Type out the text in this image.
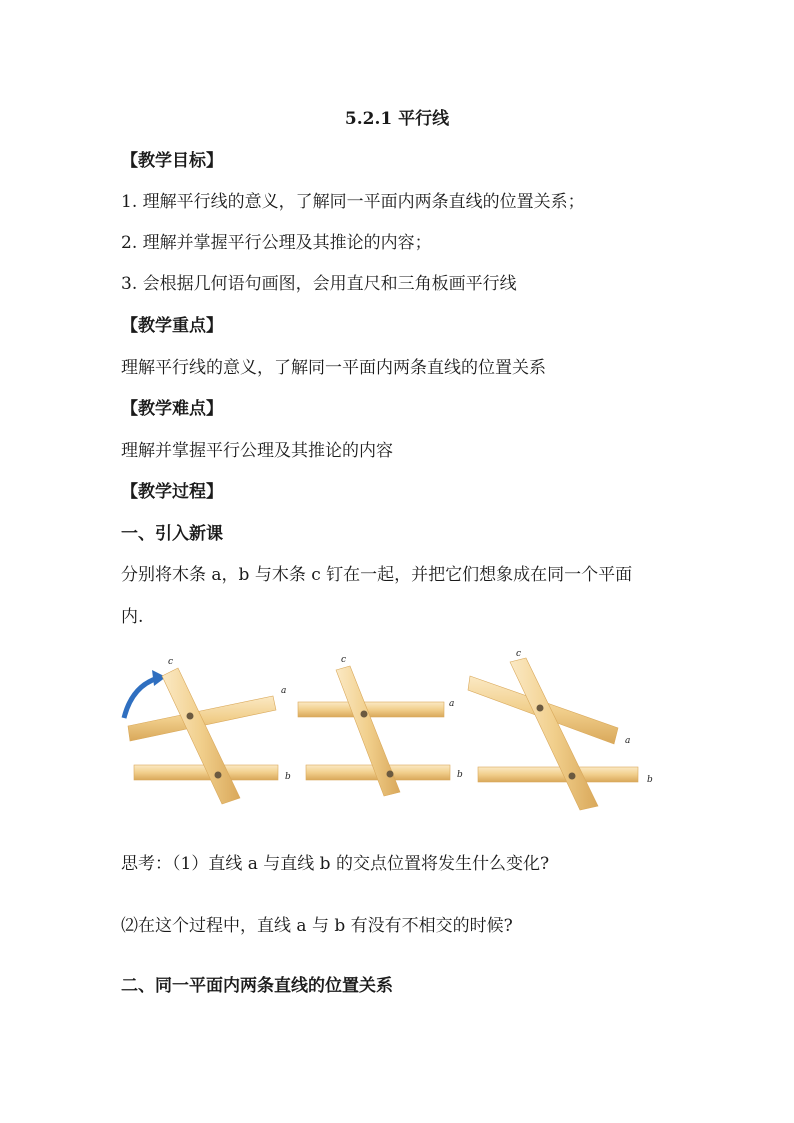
5.2.1 平行线
【教学目标】
1. 理解平行线的意义，了解同一平面内两条直线的位置关系；
2. 理解并掌握平行公理及其推论的内容；
3. 会根据几何语句画图，会用直尺和三角板画平行线
【教学重点】
理解平行线的意义，了解同一平面内两条直线的位置关系
【教学难点】
理解并掌握平行公理及其推论的内容
【教学过程】
一、引入新课
分别将木条 a，b 与木条 c 钉在一起，并把它们想象成在同一个平面
内.
c
a
b
c
a
b
c
a
b
思考：（1）直线 a 与直线 b 的交点位置将发生什么变化?
⑵在这个过程中，直线 a 与 b 有没有不相交的时候?
二、同一平面内两条直线的位置关系
